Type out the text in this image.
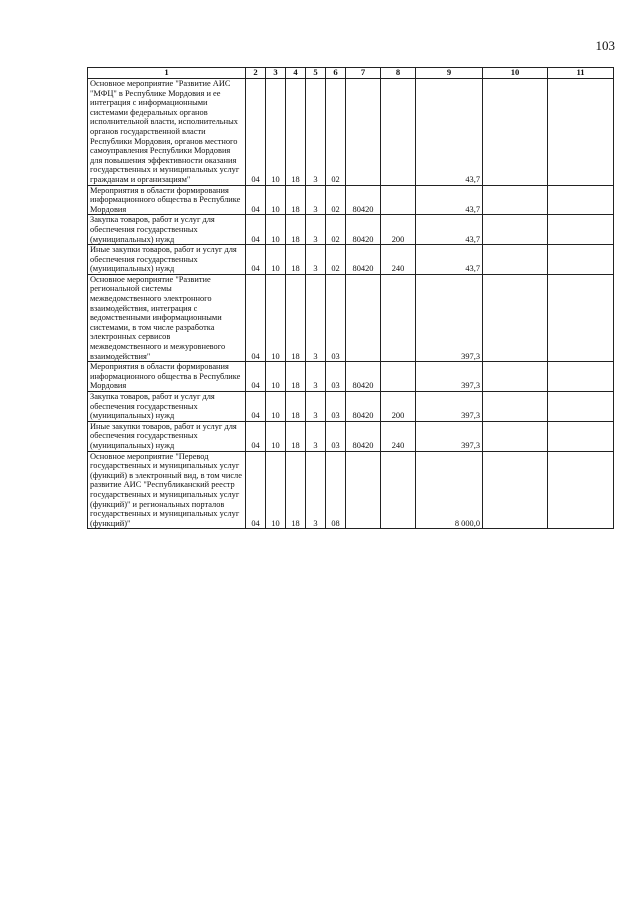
103
1	2	3	4	5	6	7	8	9	10	11
Основное мероприятие "Развитие АИС "МФЦ" в Республике Мордовия и ее интеграция с информационными системами федеральных органов исполнительной власти, исполнительных органов государственной власти Республики Мордовия, органов местного самоуправления Республики Мордовия для повышения эффективности оказания государственных и муниципальных услуг гражданам и организациям"	04	10	18	3	02			43,7		
Мероприятия в области формирования информационного общества в Республике Мордовия	04	10	18	3	02	80420		43,7		
Закупка товаров, работ и услуг для обеспечения государственных (муниципальных) нужд	04	10	18	3	02	80420	200	43,7		
Иные закупки товаров, работ и услуг для обеспечения государственных (муниципальных) нужд	04	10	18	3	02	80420	240	43,7		
Основное мероприятие "Развитие региональной системы межведомственного электронного взаимодействия, интеграция с ведомственными информационными системами, в том числе разработка электронных сервисов межведомственного и межуровневого взаимодействия"	04	10	18	3	03			397,3		
Мероприятия в области формирования информационного общества в Республике Мордовия	04	10	18	3	03	80420		397,3		
Закупка товаров, работ и услуг для обеспечения государственных (муниципальных) нужд	04	10	18	3	03	80420	200	397,3		
Иные закупки товаров, работ и услуг для обеспечения государственных (муниципальных) нужд	04	10	18	3	03	80420	240	397,3		
Основное мероприятие "Перевод государственных и муниципальных услуг (функций) в электронный вид, в том числе развитие АИС "Республиканский реестр государственных и муниципальных услуг (функций)" и региональных порталов государственных и муниципальных услуг (функций)"	04	10	18	3	08			8 000,0		
